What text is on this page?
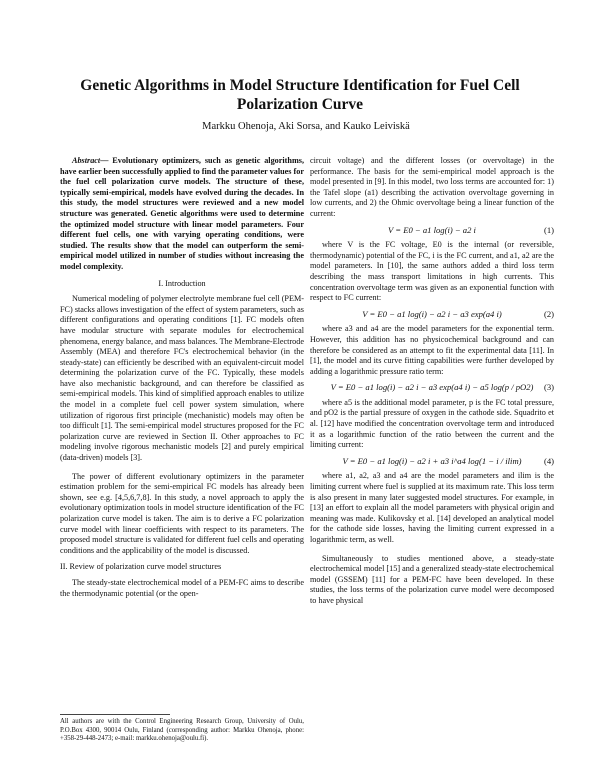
Genetic Algorithms in Model Structure Identification for Fuel Cell Polarization Curve

Markku Ohenoja, Aki Sorsa, and Kauko Leiviskä

Abstract— Evolutionary optimizers, such as genetic algorithms, have earlier been successfully applied to find the parameter values for the fuel cell polarization curve models. The structure of these, typically semi-empirical, models have evolved during the decades. In this study, the model structures were reviewed and a new model structure was generated. Genetic algorithms were used to determine the optimized model structure with linear model parameters. Four different fuel cells, one with varying operating conditions, were studied. The results show that the model can outperform the semi-empirical model utilized in number of studies without increasing the model complexity.

I. Introduction

Numerical modeling of polymer electrolyte membrane fuel cell (PEM-FC) stacks allows investigation of the effect of system parameters, such as different configurations and operating conditions [1]. FC models often have modular structure with separate modules for electrochemical phenomena, energy balance, and mass balances. The Membrane-Electrode Assembly (MEA) and therefore FC's electrochemical behavior (in the steady-state) can efficiently be described with an equivalent-circuit model determining the polarization curve of the FC. Typically, these models have also mechanistic background, and can therefore be classified as semi-empirical models. This kind of simplified approach enables to utilize the model in a complete fuel cell power system simulation, where utilization of rigorous first principle (mechanistic) models may often be too difficult [1]. The semi-empirical model structures proposed for the FC polarization curve are reviewed in Section II. Other approaches to FC modeling involve rigorous mechanistic models [2] and purely empirical (data-driven) models [3].

The power of different evolutionary optimizers in the parameter estimation problem for the semi-empirical FC models has already been shown, see e.g. [4,5,6,7,8]. In this study, a novel approach to apply the evolutionary optimization tools in model structure identification of the FC polarization curve model is taken. The aim is to derive a FC polarization curve model with linear coefficients with respect to its parameters. The proposed model structure is validated for different fuel cells and operating conditions and the applicability of the model is discussed.

II. Review of polarization curve model structures

The steady-state electrochemical model of a PEM-FC aims to describe the thermodynamic potential (or the open-

circuit voltage) and the different losses (or overvoltage) in the performance. The basis for the semi-empirical model approach is the model presented in [9]. In this model, two loss terms are accounted for: 1) the Tafel slope (a1) describing the activation overvoltage governing in low currents, and 2) the Ohmic overvoltage being a linear function of the current:

V = E0 − a1 log(i) − a2 i	(1)

where V is the FC voltage, E0 is the internal (or reversible, thermodynamic) potential of the FC, i is the FC current, and a1, a2 are the model parameters. In [10], the same authors added a third loss term describing the mass transport limitations in high currents. This concentration overvoltage term was given as an exponential function with respect to FC current:

V = E0 − a1 log(i) − a2 i − a3 exp(a4 i)	(2)

where a3 and a4 are the model parameters for the exponential term. However, this addition has no physicochemical background and can therefore be considered as an attempt to fit the experimental data [11]. In [1], the model and its curve fitting capabilities were further developed by adding a logarithmic pressure ratio term:

V = E0 − a1 log(i) − a2 i − a3 exp(a4 i) − a5 log(p / pO2) (3)

where a5 is the additional model parameter, p is the FC total pressure, and pO2 is the partial pressure of oxygen in the cathode side. Squadrito et al. [12] have modified the concentration overvoltage term and introduced it as a logarithmic function of the ratio between the current and the limiting current:

V = E0 − a1 log(i) − a2 i + a3 i^a4 log(1 − i / ilim)	(4)

where a1, a2, a3 and a4 are the model parameters and ilim is the limiting current where fuel is supplied at its maximum rate. This loss term is also present in many later suggested model structures. For example, in [13] an effort to explain all the model parameters with physical origin and meaning was made. Kulikovsky et al. [14] developed an analytical model for the cathode side losses, having the limiting current expressed in a logarithmic term, as well.

Simultaneously to studies mentioned above, a steady-state electrochemical model [15] and a generalized steady-state electrochemical model (GSSEM) [11] for a PEM-FC have been developed. In these studies, the loss terms of the polarization curve model were decomposed to have physical

All authors are with the Control Engineering Research Group, University of Oulu, P.O.Box 4300, 90014 Oulu, Finland (corresponding author: Markku Ohenoja, phone: +358-29-448-2473; e-mail: markku.ohenoja@oulu.fi).
